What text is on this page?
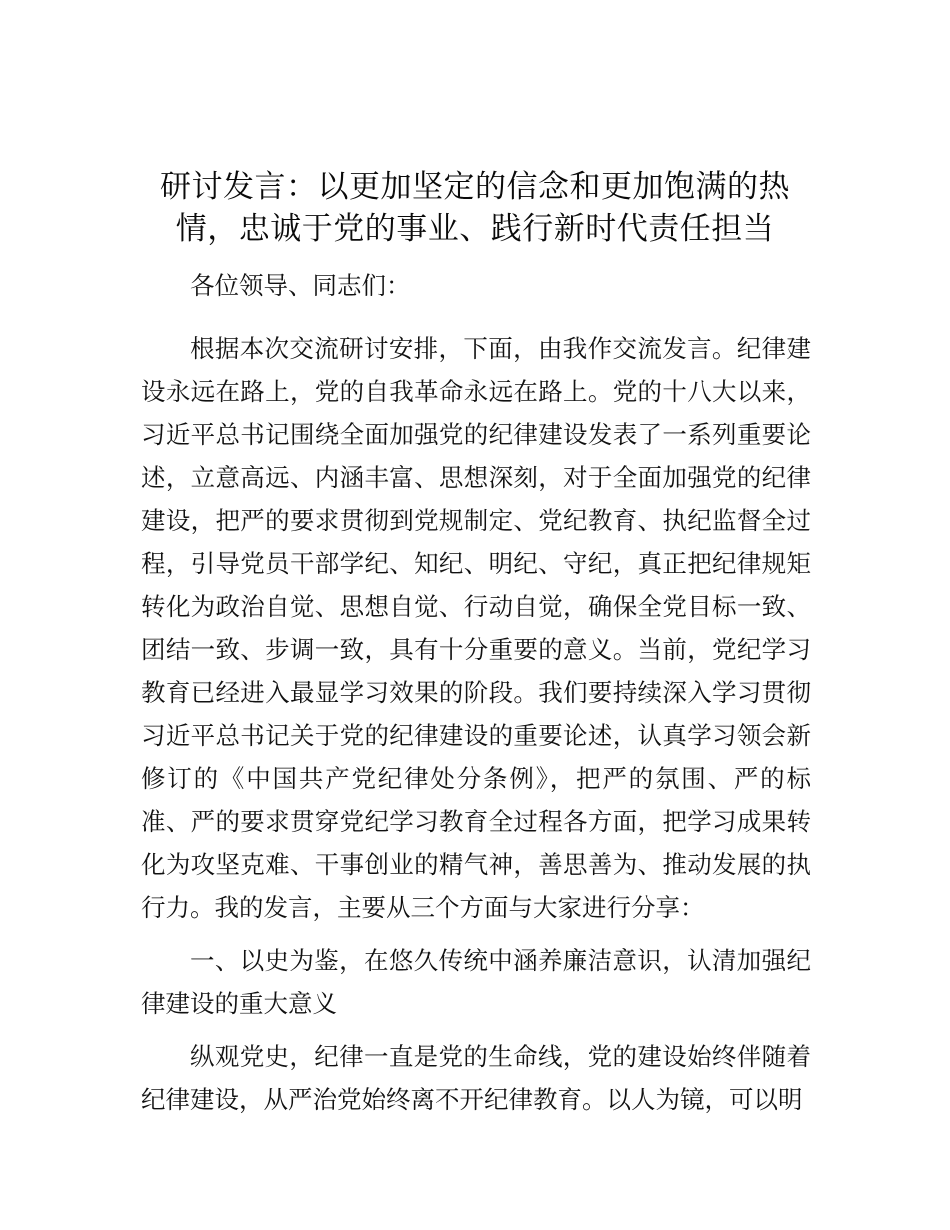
研讨发言：以更加坚定的信念和更加饱满的热情，忠诚于党的事业、践行新时代责任担当

各位领导、同志们：

根据本次交流研讨安排，下面，由我作交流发言。纪律建设永远在路上，党的自我革命永远在路上。党的十八大以来，习近平总书记围绕全面加强党的纪律建设发表了一系列重要论述，立意高远、内涵丰富、思想深刻，对于全面加强党的纪律建设，把严的要求贯彻到党规制定、党纪教育、执纪监督全过程，引导党员干部学纪、知纪、明纪、守纪，真正把纪律规矩转化为政治自觉、思想自觉、行动自觉，确保全党目标一致、团结一致、步调一致，具有十分重要的意义。当前，党纪学习教育已经进入最显学习效果的阶段。我们要持续深入学习贯彻习近平总书记关于党的纪律建设的重要论述，认真学习领会新修订的《中国共产党纪律处分条例》，把严的氛围、严的标准、严的要求贯穿党纪学习教育全过程各方面，把学习成果转化为攻坚克难、干事创业的精气神，善思善为、推动发展的执行力。我的发言，主要从三个方面与大家进行分享：

一、以史为鉴，在悠久传统中涵养廉洁意识，认清加强纪律建设的重大意义

纵观党史，纪律一直是党的生命线，党的建设始终伴随着纪律建设，从严治党始终离不开纪律教育。以人为镜，可以明
